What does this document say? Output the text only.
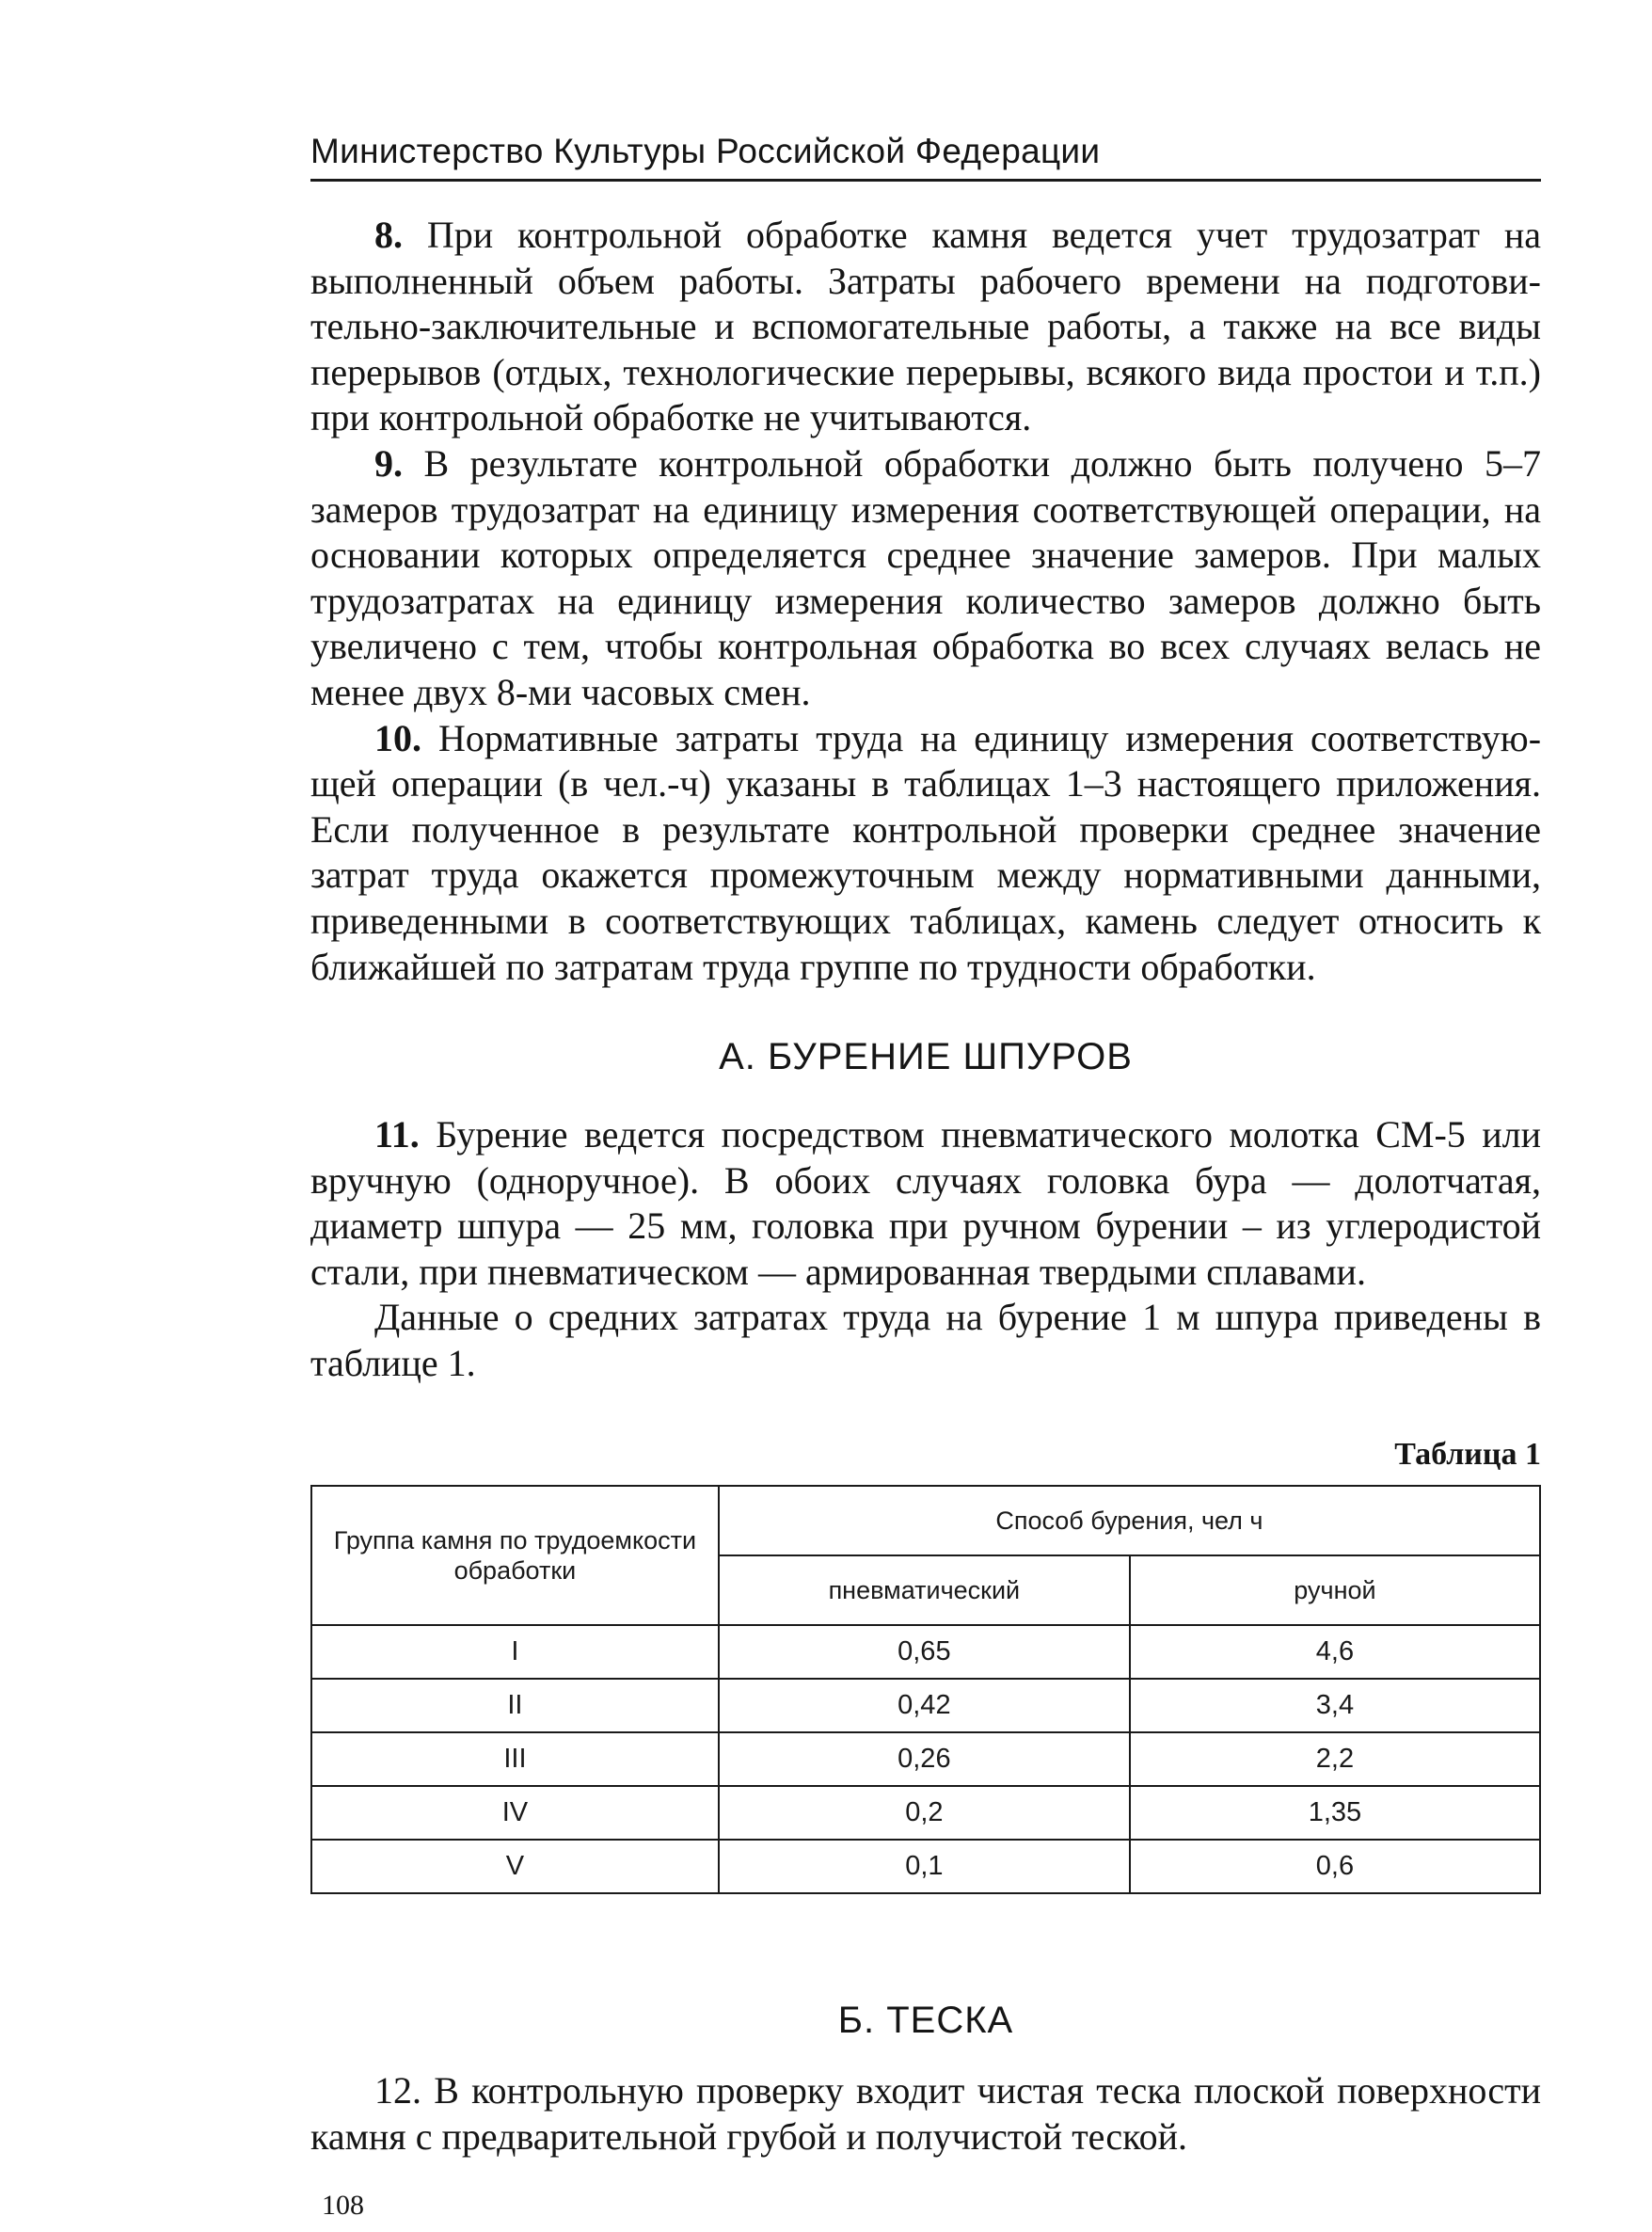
Министерство Культуры Российской Федерации

8. При контрольной обработке камня ведется учет трудозатрат на выполненный объем работы. Затраты рабочего времени на подготовительно-заключительные и вспомогательные работы, а также на все виды перерывов (отдых, технологические перерывы, всякого вида простои и т.п.) при контрольной обработке не учитываются.

9. В результате контрольной обработки должно быть получено 5–7 замеров трудозатрат на единицу измерения соответствующей операции, на основании которых определяется среднее значение замеров. При малых трудозатратах на единицу измерения количество замеров должно быть увеличено с тем, чтобы контрольная обработка во всех случаях велась не менее двух 8-ми часовых смен.

10. Нормативные затраты труда на единицу измерения соответствующей операции (в чел.-ч) указаны в таблицах 1–3 настоящего приложения. Если полученное в результате контрольной проверки среднее значение затрат труда окажется промежуточным между нормативными данными, приведенными в соответствующих таблицах, камень следует относить к ближайшей по затратам труда группе по трудности обработки.

А. БУРЕНИЕ ШПУРОВ

11. Бурение ведется посредством пневматического молотка СМ-5 или вручную (одноручное). В обоих случаях головка бура — долотчатая, диаметр шпура — 25 мм, головка при ручном бурении – из углеродистой стали, при пневматическом — армированная твердыми сплавами.

Данные о средних затратах труда на бурение 1 м шпура приведены в таблице 1.

Таблица 1
Группа камня по трудоемкости обработки	Способ бурения, чел ч	
	пневматический	ручной
I	0,65	4,6
II	0,42	3,4
III	0,26	2,2
IV	0,2	1,35
V	0,1	0,6
Б. ТЕСКА

12. В контрольную проверку входит чистая теска плоской поверхности камня с предварительной грубой и получистой теской.

108
